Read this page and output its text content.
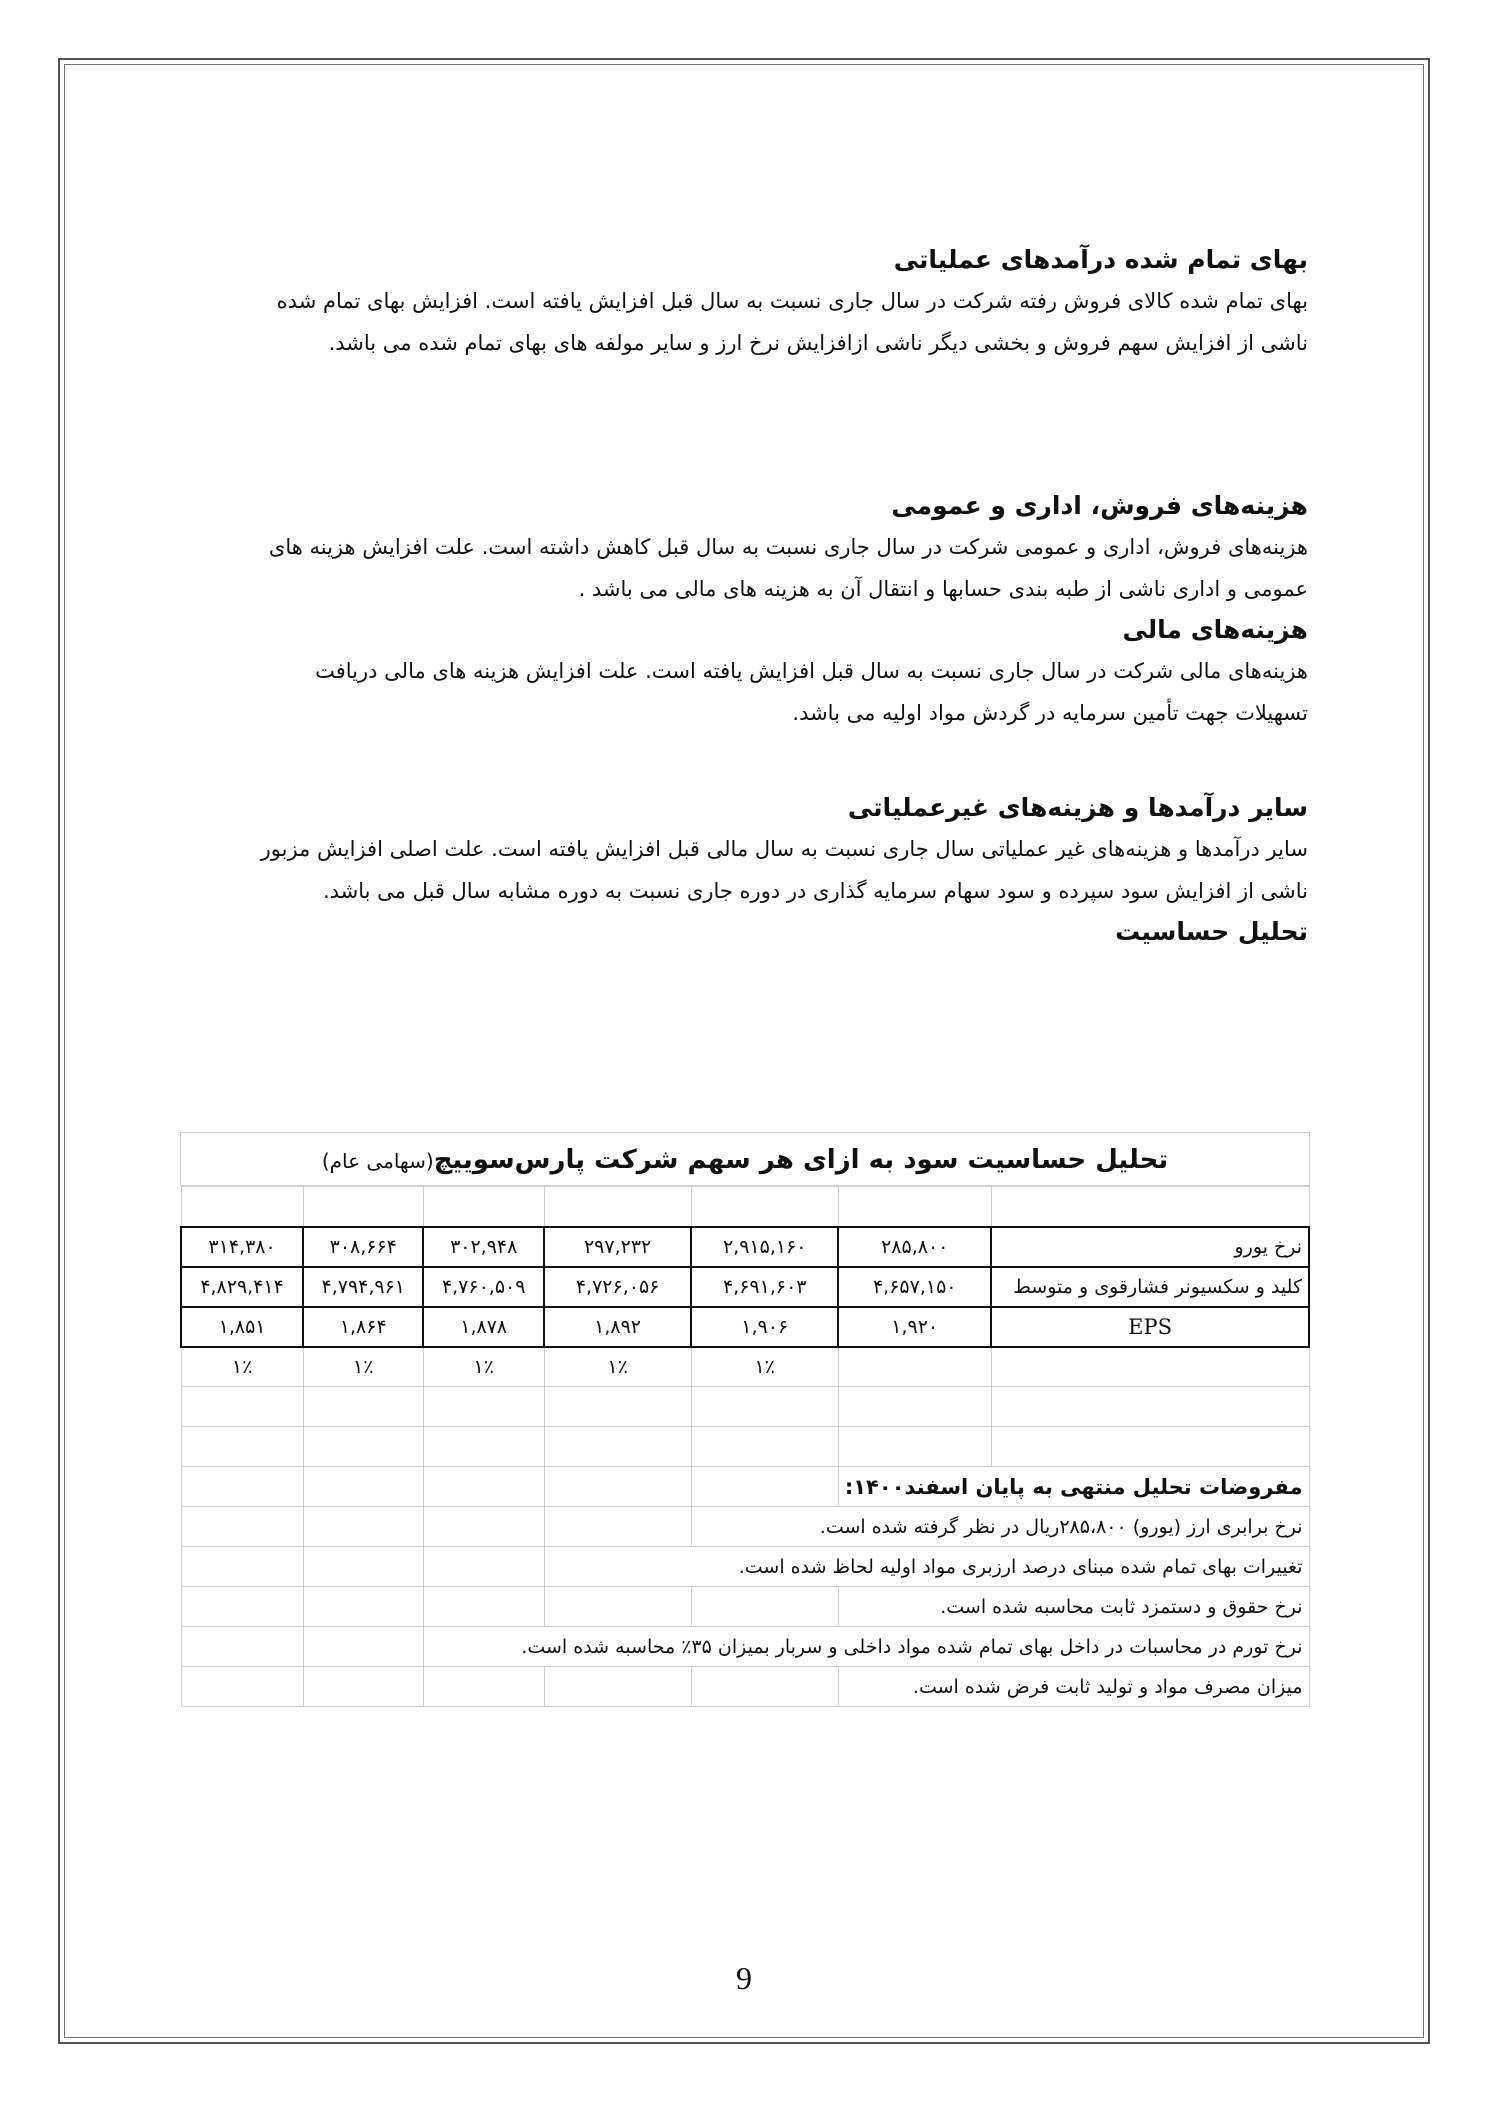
بهای تمام شده درآمدهای عملیاتی

بهای تمام شده کالای فروش رفته شرکت در سال جاری نسبت به سال قبل افزایش یافته است. افزایش بهای تمام شده

ناشی از افزایش سهم فروش و بخشی دیگر ناشی ازافزایش نرخ ارز و سایر مولفه های بهای تمام شده می باشد.

هزینه‌های فروش، اداری و عمومی

هزینه‌های فروش، اداری و عمومی شرکت در سال جاری نسبت به سال قبل کاهش داشته است. علت افزایش هزینه های

عمومی و اداری ناشی از طبه بندی حسابها و انتقال آن به هزینه های مالی می باشد .

هزینه‌های مالی

هزینه‌های مالی شرکت در سال جاری نسبت به سال قبل افزایش یافته است. علت افزایش هزینه های مالی دریافت

تسهیلات جهت تأمین سرمایه در گردش مواد اولیه می باشد.

سایر درآمدها و هزینه‌های غیرعملیاتی

سایر درآمدها و هزینه‌های غیر عملیاتی سال جاری نسبت به سال مالی قبل افزایش یافته است. علت اصلی افزایش مزبور

ناشی از افزایش سود سپرده و سود سهام سرمایه گذاری در دوره جاری نسبت به دوره مشابه سال قبل می باشد.

تحلیل حساسیت

تحلیل حساسیت سود به ازای هر سهم شرکت پارس‌سوییچ(سهامی عام)

نرخ یورو	۲۸۵,۸۰۰	۲,۹۱۵,۱۶۰	۲۹۷,۲۳۲	۳۰۲,۹۴۸	۳۰۸,۶۶۴	۳۱۴,۳۸۰
کلید و سکسیونر فشارقوی و متوسط	۴,۶۵۷,۱۵۰	۴,۶۹۱,۶۰۳	۴,۷۲۶,۰۵۶	۴,۷۶۰,۵۰۹	۴,۷۹۴,۹۶۱	۴,۸۲۹,۴۱۴
EPS	۱,۹۲۰	۱,۹۰۶	۱,۸۹۲	۱,۸۷۸	۱,۸۶۴	۱,۸۵۱
		۱٪	۱٪	۱٪	۱٪	۱٪

مفروضات تحلیل منتهی به پایان اسفند۱۴۰۰:						
نرخ برابری ارز (یورو) ۲۸۵،۸۰۰ریال در نظر گرفته شده است.						
تغییرات بهای تمام شده مبنای درصد ارزبری مواد اولیه لحاظ شده است.						
نرخ حقوق و دستمزد ثابت محاسبه شده است.						
نرخ تورم در محاسبات در داخل بهای تمام شده مواد داخلی و سربار بمیزان ۳۵٪ محاسبه شده است.						
میزان مصرف مواد و تولید ثابت فرض شده است.						
9
